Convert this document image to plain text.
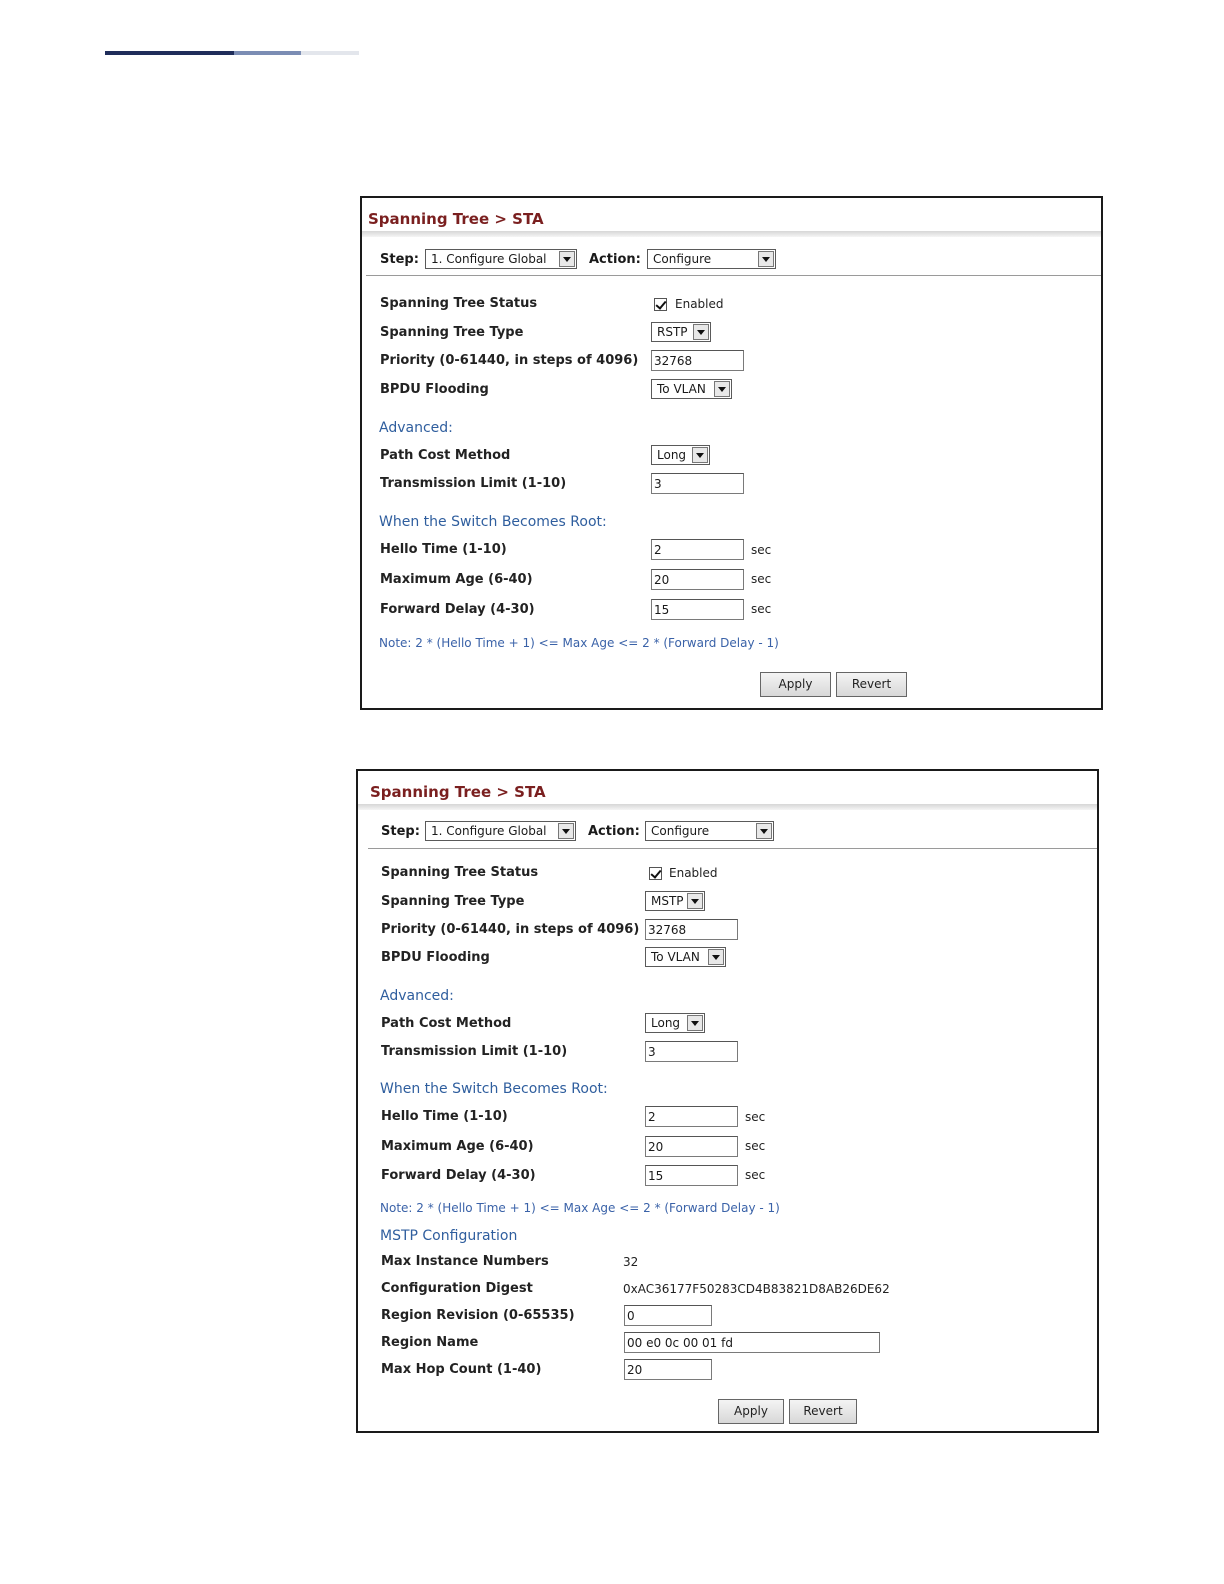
Spanning Tree > STA
Step:	1. Configure Global	Action:	Configure
Spanning Tree Status	Enabled
Spanning Tree Type	RSTP
Priority (0-61440, in steps of 4096) 32768
BPDU Flooding	To VLAN
Advanced:
Path Cost Method	Long
Transmission Limit (1-10)	3
When the Switch Becomes Root:
Hello Time (1-10)	2	sec
Maximum Age (6-40)	20	sec
Forward Delay (4-30)	15	sec
Note: 2 * (Hello Time + 1) <= Max Age <= 2 * (Forward Delay - 1)
Apply	Revert
Spanning Tree > STA
Step: 1. Configure Global	Action: Configure
Spanning Tree Status	Enabled
Spanning Tree Type	MSTP
Priority (0-61440, in steps of 4096) 32768
BPDU Flooding	To VLAN
Advanced:
Path Cost Method	Long
Transmission Limit (1-10)	3
When the Switch Becomes Root:
Hello Time (1-10)	2	sec
Maximum Age (6-40)	20	sec
Forward Delay (4-30)	15	sec
Note: 2 * (Hello Time + 1) <= Max Age <= 2 * (Forward Delay - 1)
MSTP Configuration
Max Instance Numbers	32
Configuration Digest	0xAC36177F50283CD4B83821D8AB26DE62
Region Revision (0-65535)	0
Region Name	00 e0 0c 00 01 fd
Max Hop Count (1-40)	20
Apply	Revert
